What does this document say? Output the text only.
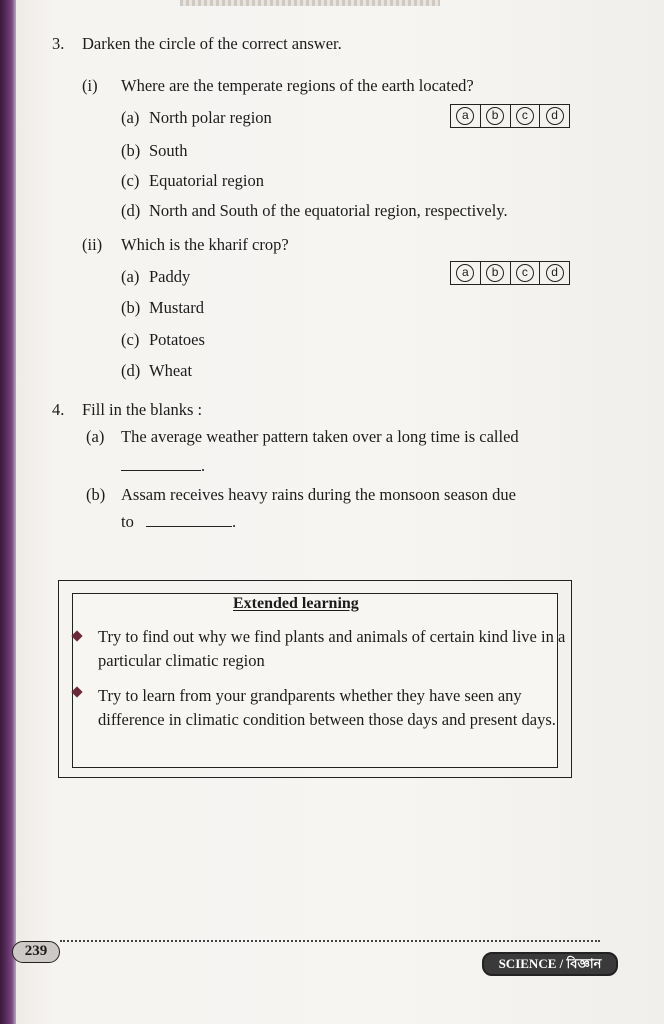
3. Darken the circle of the correct answer.
(i) Where are the temperate regions of the earth located?
(a) North polar region
(b) South
(c) Equatorial region
(d) North and South of the equatorial region, respectively.
a	b	c	d
(ii) Which is the kharif crop?
(a) Paddy
(b) Mustard
(c) Potatoes
(d) Wheat
a	b	c	d
4. Fill in the blanks :
(a) The average weather pattern taken over a long time is called
.
(b) Assam receives heavy rains during the monsoon season due
to	.
Extended learning
Try to find out why we find plants and animals of certain kind live in a particular climatic region
Try to learn from your grandparents whether they have seen any difference in climatic condition between those days and present days.
239
SCIENCE / বিজ্ঞান
